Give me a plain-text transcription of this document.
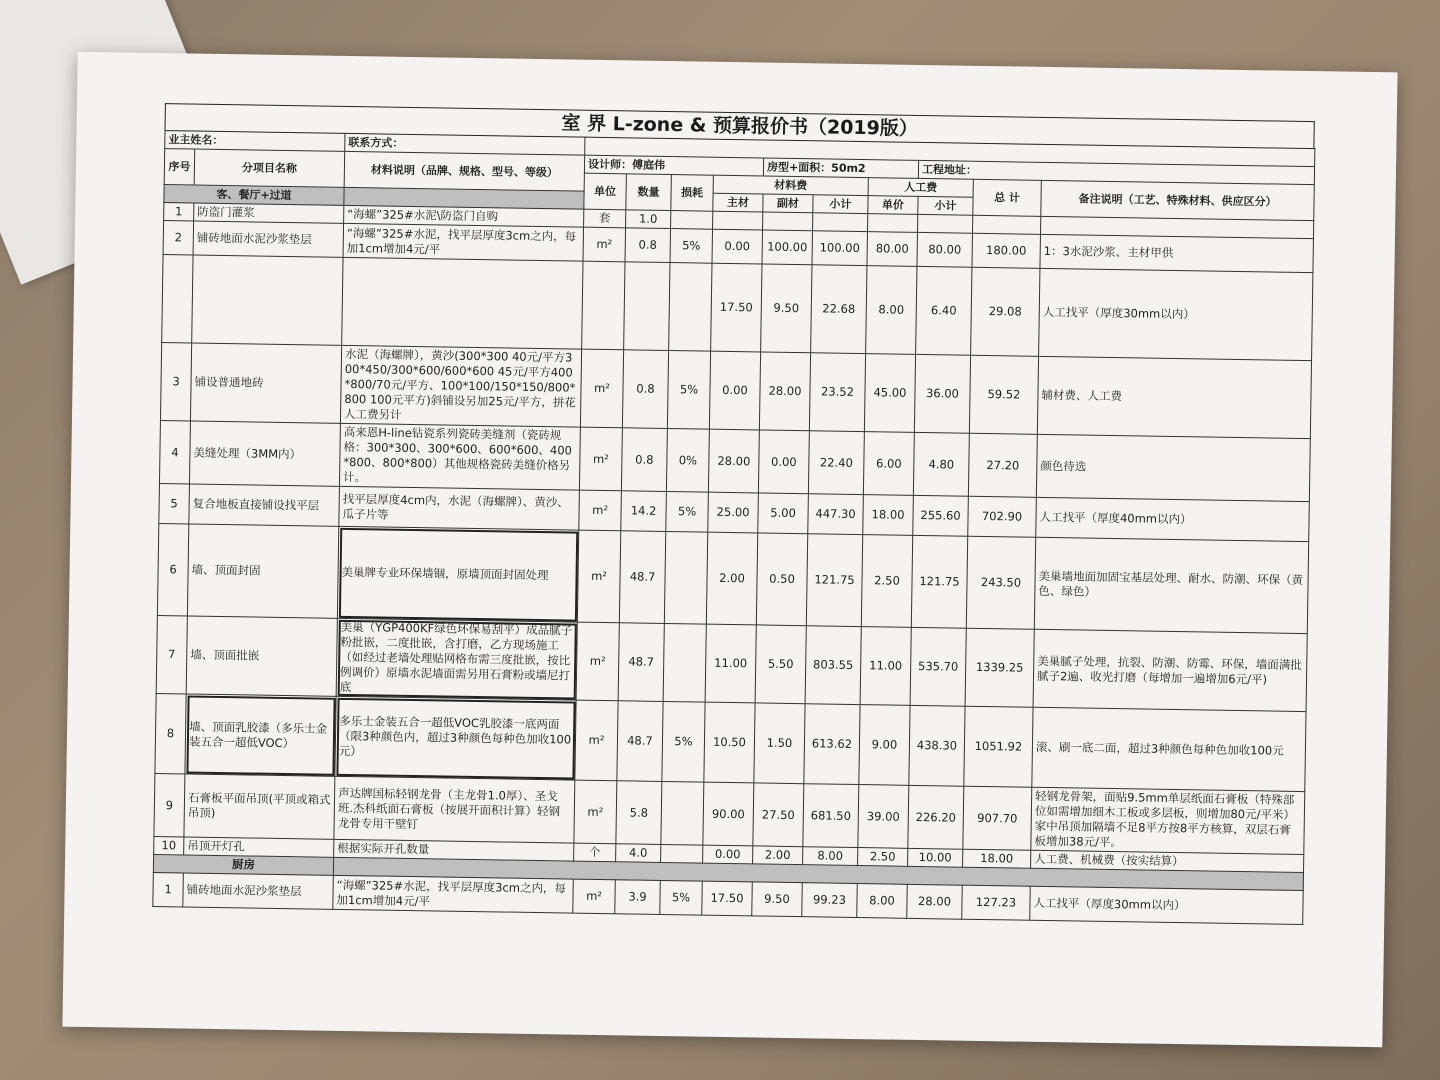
室 界 L-zone & 预算报价书（2019版）
业主姓名：		联系方式：										
序号	分项目名称	材料说明（品牌、规格、型号、等级）	设计师：傅庭伟				房型+面积：50m2			工程地址：		
			单位	数量	损耗	材料费			人工费		总 计	备注说明（工艺、特殊材料、供应区分）
客、餐厅+过道						主材	副材	小计	单价	小计		
1	防盗门灌浆	“海螺”325#水泥\防盗门自购	套	1.0								
2	铺砖地面水泥沙浆垫层	“海螺”325#水泥，找平层厚度3cm之内，每加1cm增加4元/平	m²	0.8	5%	0.00	100.00	100.00	80.00	80.00	180.00	1：3水泥沙浆、主材甲供
						17.50	9.50	22.68	8.00	6.40	29.08	人工找平（厚度30mm以内）
3	铺设普通地砖	水泥（海螺牌），黄沙(300*300 40元/平方300*450/300*600/600*600 45元/平方400*800/70元/平方、100*100/150*150/800*800 100元平方)斜铺设另加25元/平方，拼花人工费另计	m²	0.8	5%	0.00	28.00	23.52	45.00	36.00	59.52	辅材费、人工费
4	美缝处理（3MM内）	高来恩H-line钻瓷系列瓷砖美缝剂（瓷砖规格：300*300、300*600、600*600、400*800、800*800）其他规格瓷砖美缝价格另计。	m²	0.8	0%	28.00	0.00	22.40	6.00	4.80	27.20	颜色待选
5	复合地板直接铺设找平层	找平层厚度4cm内，水泥（海螺牌）、黄沙、瓜子片等	m²	14.2	5%	25.00	5.00	447.30	18.00	255.60	702.90	人工找平（厚度40mm以内）
6	墙、顶面封固	美巢牌专业环保墙锢，原墙顶面封固处理	m²	48.7		2.00	0.50	121.75	2.50	121.75	243.50	美巢墙地面加固宝基层处理、耐水、防潮、环保（黄色、绿色）
7	墙、顶面批嵌	美巢（YGP400KF绿色环保易刮平）成品腻子粉批嵌，二度批嵌，含打磨，乙方现场施工（如经过老墙处理贴网格布需三度批嵌，按比例调价）原墙水泥墙面需另用石膏粉或墙尼打底	m²	48.7		11.00	5.50	803.55	11.00	535.70	1339.25	美巢腻子处理，抗裂、防潮、防霉、环保，墙面满批腻子2遍、收光打磨（每增加一遍增加6元/平)
8	墙、顶面乳胶漆（多乐士金装五合一超低VOC）	多乐士金装五合一超低VOC乳胶漆一底两面（限3种颜色内，超过3种颜色每种色加收100元）	m²	48.7	5%	10.50	1.50	613.62	9.00	438.30	1051.92	滚、刷一底二面，超过3种颜色每种色加收100元
9	石膏板平面吊顶(平顶或箱式吊顶)	声达牌国标轻钢龙骨（主龙骨1.0厚）、圣戈班.杰科纸面石膏板（按展开面积计算）轻钢龙骨专用干壁钉	m²	5.8		90.00	27.50	681.50	39.00	226.20	907.70	轻钢龙骨架，面贴9.5mm单层纸面石膏板（特殊部位如需增加细木工板或多层板，则增加80元/平米）家中吊顶加隔墙不足8平方按8平方核算，双层石膏板增加38元/平。
10	吊顶开灯孔	根据实际开孔数量	个	4.0		0.00	2.00	8.00	2.50	10.00	18.00	人工费、机械费（按实结算）
厨房												
1	铺砖地面水泥沙浆垫层	“海螺”325#水泥，找平层厚度3cm之内，每加1cm增加4元/平	m²	3.9	5%	17.50	9.50	99.23	8.00	28.00	127.23	人工找平（厚度30mm以内）
